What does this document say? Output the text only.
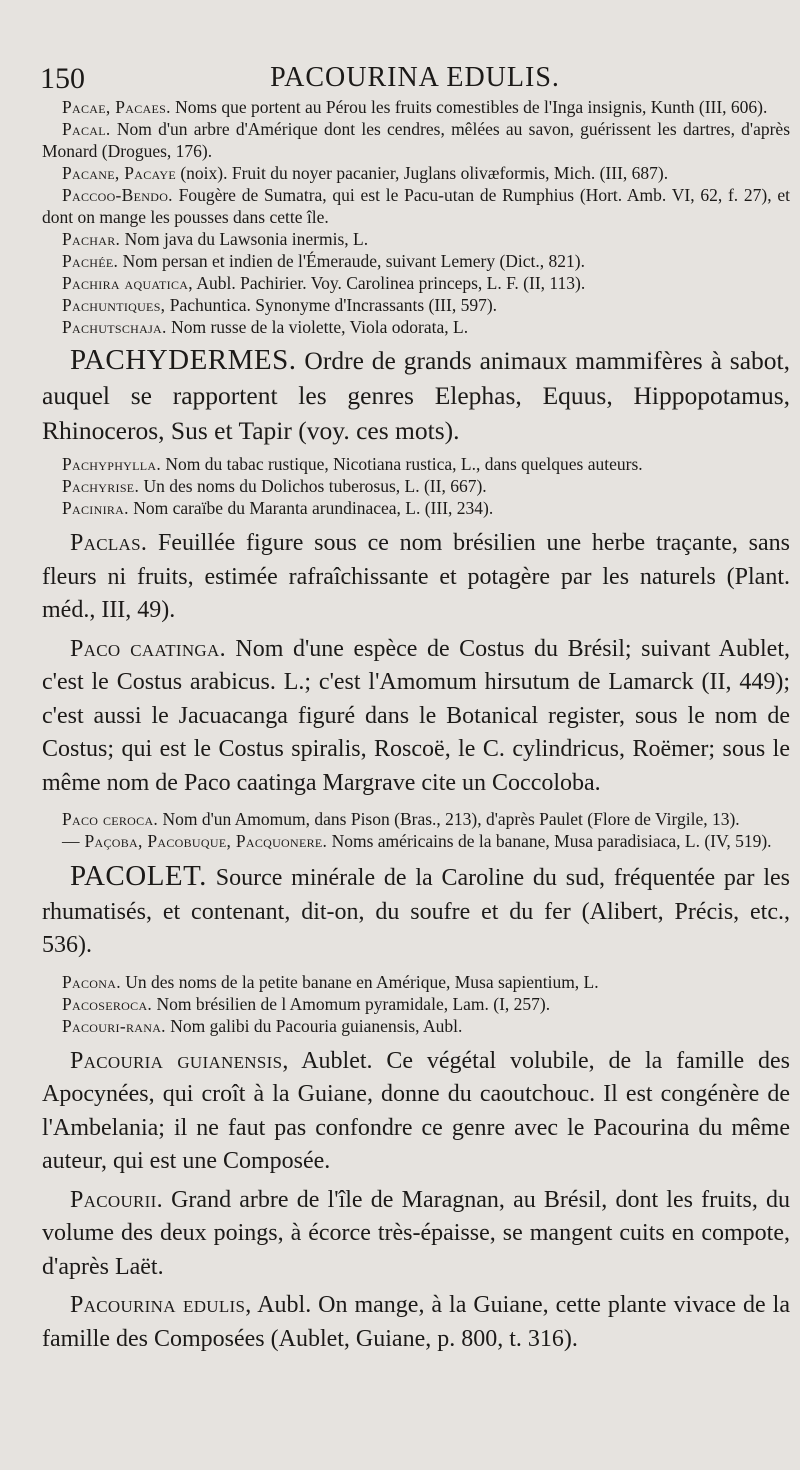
150	PACOURINA EDULIS.

Pacae, Pacaes. Noms que portent au Pérou les fruits comestibles de l'Inga insignis, Kunth (III, 606).

Pacal. Nom d'un arbre d'Amérique dont les cendres, mêlées au savon, guérissent les dartres, d'après Monard (Drogues, 176).

Pacane, Pacaye (noix). Fruit du noyer pacanier, Juglans olivæformis, Mich. (III, 687).

Paccoo-Bendo. Fougère de Sumatra, qui est le Pacu-utan de Rumphius (Hort. Amb. VI, 62, f. 27), et dont on mange les pousses dans cette île.

Pachar. Nom java du Lawsonia inermis, L.

Pachée. Nom persan et indien de l'Émeraude, suivant Lemery (Dict., 821).

Pachira aquatica, Aubl. Pachirier. Voy. Carolinea princeps, L. F. (II, 113).

Pachuntiques, Pachuntica. Synonyme d'Incrassants (III, 597).

Pachutschaja. Nom russe de la violette, Viola odorata, L.

PACHYDERMES. Ordre de grands animaux mammifères à sabot, auquel se rapportent les genres Elephas, Equus, Hippopotamus, Rhinoceros, Sus et Tapir (voy. ces mots).

Pachyphylla. Nom du tabac rustique, Nicotiana rustica, L., dans quelques auteurs.

Pachyrise. Un des noms du Dolichos tuberosus, L. (II, 667).

Pacinira. Nom caraïbe du Maranta arundinacea, L. (III, 234).

Paclas. Feuillée figure sous ce nom brésilien une herbe traçante, sans fleurs ni fruits, estimée rafraîchissante et potagère par les naturels (Plant. méd., III, 49).

Paco caatinga. Nom d'une espèce de Costus du Brésil; suivant Aublet, c'est le Costus arabicus. L.; c'est l'Amomum hirsutum de Lamarck (II, 449); c'est aussi le Jacuacanga figuré dans le Botanical register, sous le nom de Costus; qui est le Costus spiralis, Roscoë, le C. cylindricus, Roëmer; sous le même nom de Paco caatinga Margrave cite un Coccoloba.

Paco ceroca. Nom d'un Amomum, dans Pison (Bras., 213), d'après Paulet (Flore de Virgile, 13).

— Paçoba, Pacobuque, Pacquonere. Noms américains de la banane, Musa paradisiaca, L. (IV, 519).

PACOLET. Source minérale de la Caroline du sud, fréquentée par les rhumatisés, et contenant, dit-on, du soufre et du fer (Alibert, Précis, etc., 536).

Pacona. Un des noms de la petite banane en Amérique, Musa sapientium, L.

Pacoseroca. Nom brésilien de l Amomum pyramidale, Lam. (I, 257).

Pacouri-rana. Nom galibi du Pacouria guianensis, Aubl.

Pacouria guianensis, Aublet. Ce végétal volubile, de la famille des Apocynées, qui croît à la Guiane, donne du caoutchouc. Il est congénère de l'Ambelania; il ne faut pas confondre ce genre avec le Pacourina du même auteur, qui est une Composée.

Pacourii. Grand arbre de l'île de Maragnan, au Brésil, dont les fruits, du volume des deux poings, à écorce très-épaisse, se mangent cuits en compote, d'après Laët.

Pacourina edulis, Aubl. On mange, à la Guiane, cette plante vivace de la famille des Composées (Aublet, Guiane, p. 800, t. 316).
